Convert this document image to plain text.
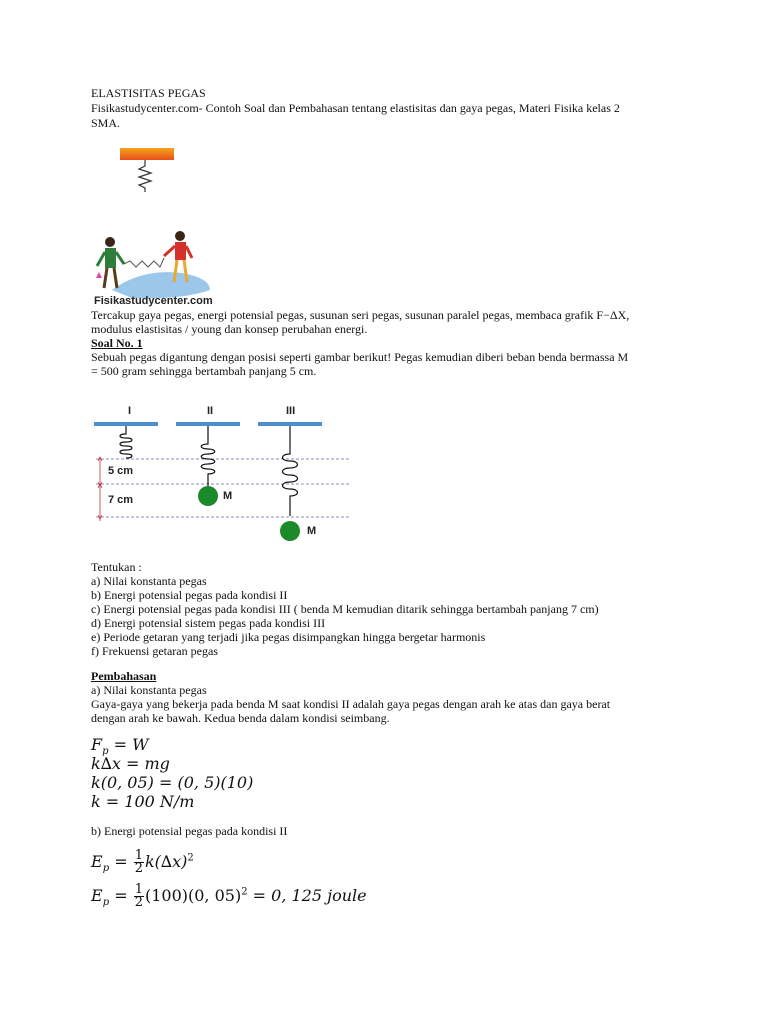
ELASTISITAS PEGAS
Fisikastudycenter.com- Contoh Soal dan Pembahasan tentang elastisitas dan gaya pegas, Materi Fisika kelas 2
SMA.
Fisikastudycenter.com
Tercakup gaya pegas, energi potensial pegas, susunan seri pegas, susunan paralel pegas, membaca grafik F−ΔX,
modulus elastisitas / young dan konsep perubahan energi.
Soal No. 1
Sebuah pegas digantung dengan posisi seperti gambar berikut! Pegas kemudian diberi beban benda bermassa M
= 500 gram sehingga bertambah panjang 5 cm.
I	II	III
5 cm
7 cm	M
M
Tentukan :
a) Nilai konstanta pegas
b) Energi potensial pegas pada kondisi II
c) Energi potensial pegas pada kondisi III ( benda M kemudian ditarik sehingga bertambah panjang 7 cm)
d) Energi potensial sistem pegas pada kondisi III
e) Periode getaran yang terjadi jika pegas disimpangkan hingga bergetar harmonis
f) Frekuensi getaran pegas
Pembahasan
a) Nilai konstanta pegas
Gaya-gaya yang bekerja pada benda M saat kondisi II adalah gaya pegas dengan arah ke atas dan gaya berat
dengan arah ke bawah. Kedua benda dalam kondisi seimbang.
$F_p = W$
k∆x = mg
k(0, 05) = (0, 5)(10)
k = 100 N/m
b) Energi potensial pegas pada kondisi II
$E_p = \frac{1}{2} k(\Delta x)^2$
$E_p = \frac{1}{2} (100)(0$, 05)$^2$ = 0, 125 joule
